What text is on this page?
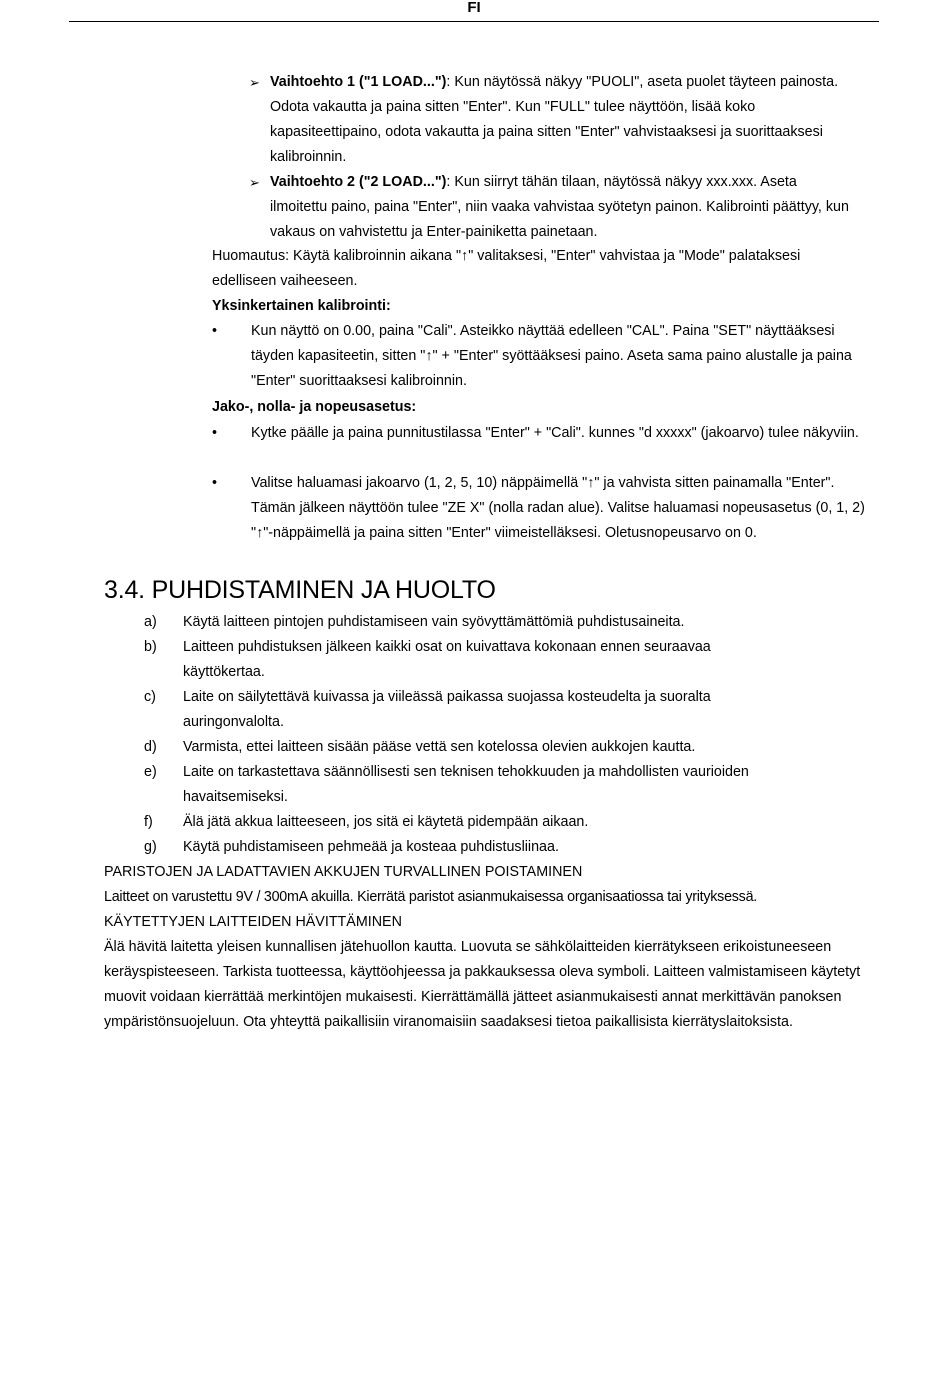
FI
➢ Vaihtoehto 1 ("1 LOAD..."): Kun näytössä näkyy "PUOLI", aseta puolet täyteen painosta. Odota vakautta ja paina sitten "Enter". Kun "FULL" tulee näyttöön, lisää koko kapasiteettipaino, odota vakautta ja paina sitten "Enter" vahvistaaksesi ja suorittaaksesi kalibroinnin.
➢ Vaihtoehto 2 ("2 LOAD..."): Kun siirryt tähän tilaan, näytössä näkyy xxx.xxx. Aseta ilmoitettu paino, paina "Enter", niin vaaka vahvistaa syötetyn painon. Kalibrointi päättyy, kun vakaus on vahvistettu ja Enter-painiketta painetaan.
Huomautus: Käytä kalibroinnin aikana "↑" valitaksesi, "Enter" vahvistaa ja "Mode" palataksesi edelliseen vaiheeseen.
Yksinkertainen kalibrointi:
• Kun näyttö on 0.00, paina "Cali". Asteikko näyttää edelleen "CAL". Paina "SET" näyttääksesi täyden kapasiteetin, sitten "↑" + "Enter" syöttääksesi paino. Aseta sama paino alustalle ja paina "Enter" suorittaaksesi kalibroinnin.
Jako-, nolla- ja nopeusasetus:
• Kytke päälle ja paina punnitustilassa "Enter" + "Cali". kunnes "d xxxxx" (jakoarvo) tulee näkyviin.
• Valitse haluamasi jakoarvo (1, 2, 5, 10) näppäimellä "↑" ja vahvista sitten painamalla "Enter". Tämän jälkeen näyttöön tulee "ZE X" (nolla radan alue). Valitse haluamasi nopeusasetus (0, 1, 2) "↑"-näppäimellä ja paina sitten "Enter" viimeistelläksesi. Oletusnopeusarvo on 0.
3.4. PUHDISTAMINEN JA HUOLTO
a) Käytä laitteen pintojen puhdistamiseen vain syövyttämättömiä puhdistusaineita.
b) Laitteen puhdistuksen jälkeen kaikki osat on kuivattava kokonaan ennen seuraavaa käyttökertaa.
c) Laite on säilytettävä kuivassa ja viileässä paikassa suojassa kosteudelta ja suoralta auringonvalolta.
d) Varmista, ettei laitteen sisään pääse vettä sen kotelossa olevien aukkojen kautta.
e) Laite on tarkastettava säännöllisesti sen teknisen tehokkuuden ja mahdollisten vaurioiden havaitsemiseksi.
f) Älä jätä akkua laitteeseen, jos sitä ei käytetä pidempään aikaan.
g) Käytä puhdistamiseen pehmeää ja kosteaa puhdistusliinaa.
PARISTOJEN JA LADATTAVIEN AKKUJEN TURVALLINEN POISTAMINEN
Laitteet on varustettu 9V / 300mA akuilla. Kierrätä paristot asianmukaisessa organisaatiossa tai yrityksessä.
KÄYTETTYJEN LAITTEIDEN HÄVITTÄMINEN
Älä hävitä laitetta yleisen kunnallisen jätehuollon kautta. Luovuta se sähkölaitteiden kierrätykseen erikoistuneeseen keräyspisteeseen. Tarkista tuotteessa, käyttöohjeessa ja pakkauksessa oleva symboli. Laitteen valmistamiseen käytetyt muovit voidaan kierrättää merkintöjen mukaisesti. Kierrättämällä jätteet asianmukaisesti annat merkittävän panoksen ympäristönsuojeluun. Ota yhteyttä paikallisiin viranomaisiin saadaksesi tietoa paikallisista kierrätyslaitoksista.
